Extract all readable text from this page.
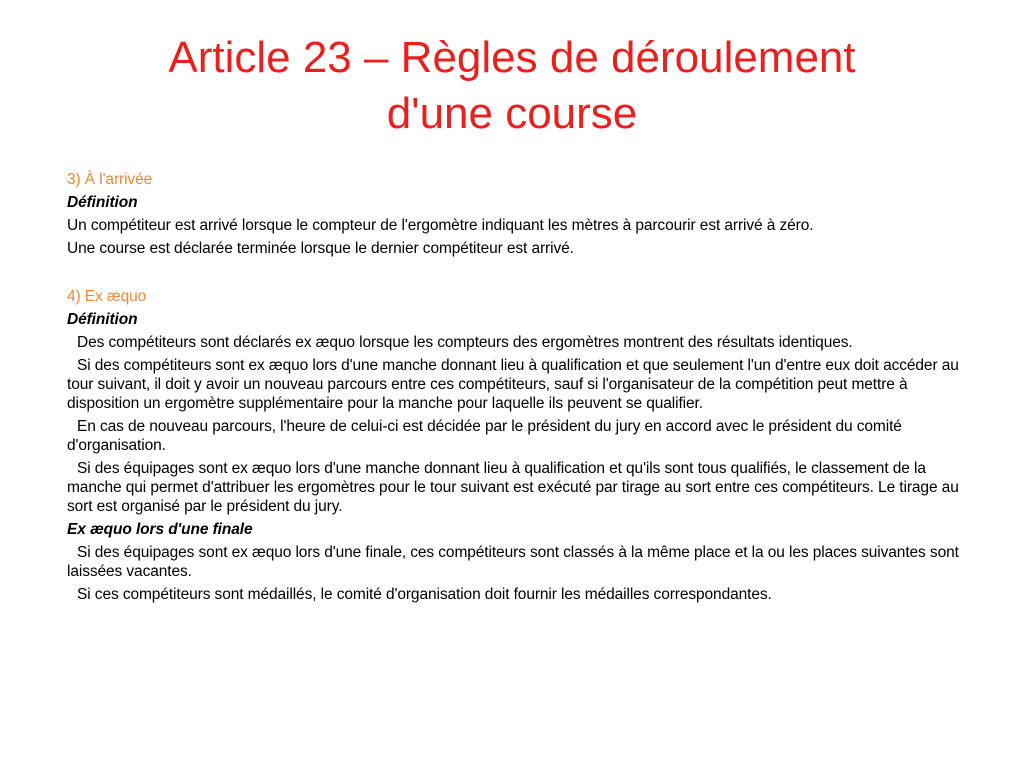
Article 23 – Règles de déroulement
d'une course
3) À l'arrivée
Définition
Un compétiteur est arrivé lorsque le compteur de l'ergomètre indiquant les mètres à parcourir est arrivé à zéro.
Une course est déclarée terminée lorsque le dernier compétiteur est arrivé.
4) Ex æquo
Définition
Des compétiteurs sont déclarés ex æquo lorsque les compteurs des ergomètres montrent des résultats identiques.
Si des compétiteurs sont ex æquo lors d'une manche donnant lieu à qualification et que seulement l'un d'entre eux doit accéder au tour suivant, il doit y avoir un nouveau parcours entre ces compétiteurs, sauf si l'organisateur de la compétition peut mettre à disposition un ergomètre supplémentaire pour la manche pour laquelle ils peuvent se qualifier.
En cas de nouveau parcours, l'heure de celui-ci est décidée par le président du jury en accord avec le président du comité d'organisation.
Si des équipages sont ex æquo lors d'une manche donnant lieu à qualification et qu'ils sont tous qualifiés, le classement de la manche qui permet d'attribuer les ergomètres pour le tour suivant est exécuté par tirage au sort entre ces compétiteurs. Le tirage au sort est organisé par le président du jury.
Ex æquo lors d'une finale
Si des équipages sont ex æquo lors d'une finale, ces compétiteurs sont classés à la même place et la ou les places suivantes sont laissées vacantes.
Si ces compétiteurs sont médaillés, le comité d'organisation doit fournir les médailles correspondantes.
